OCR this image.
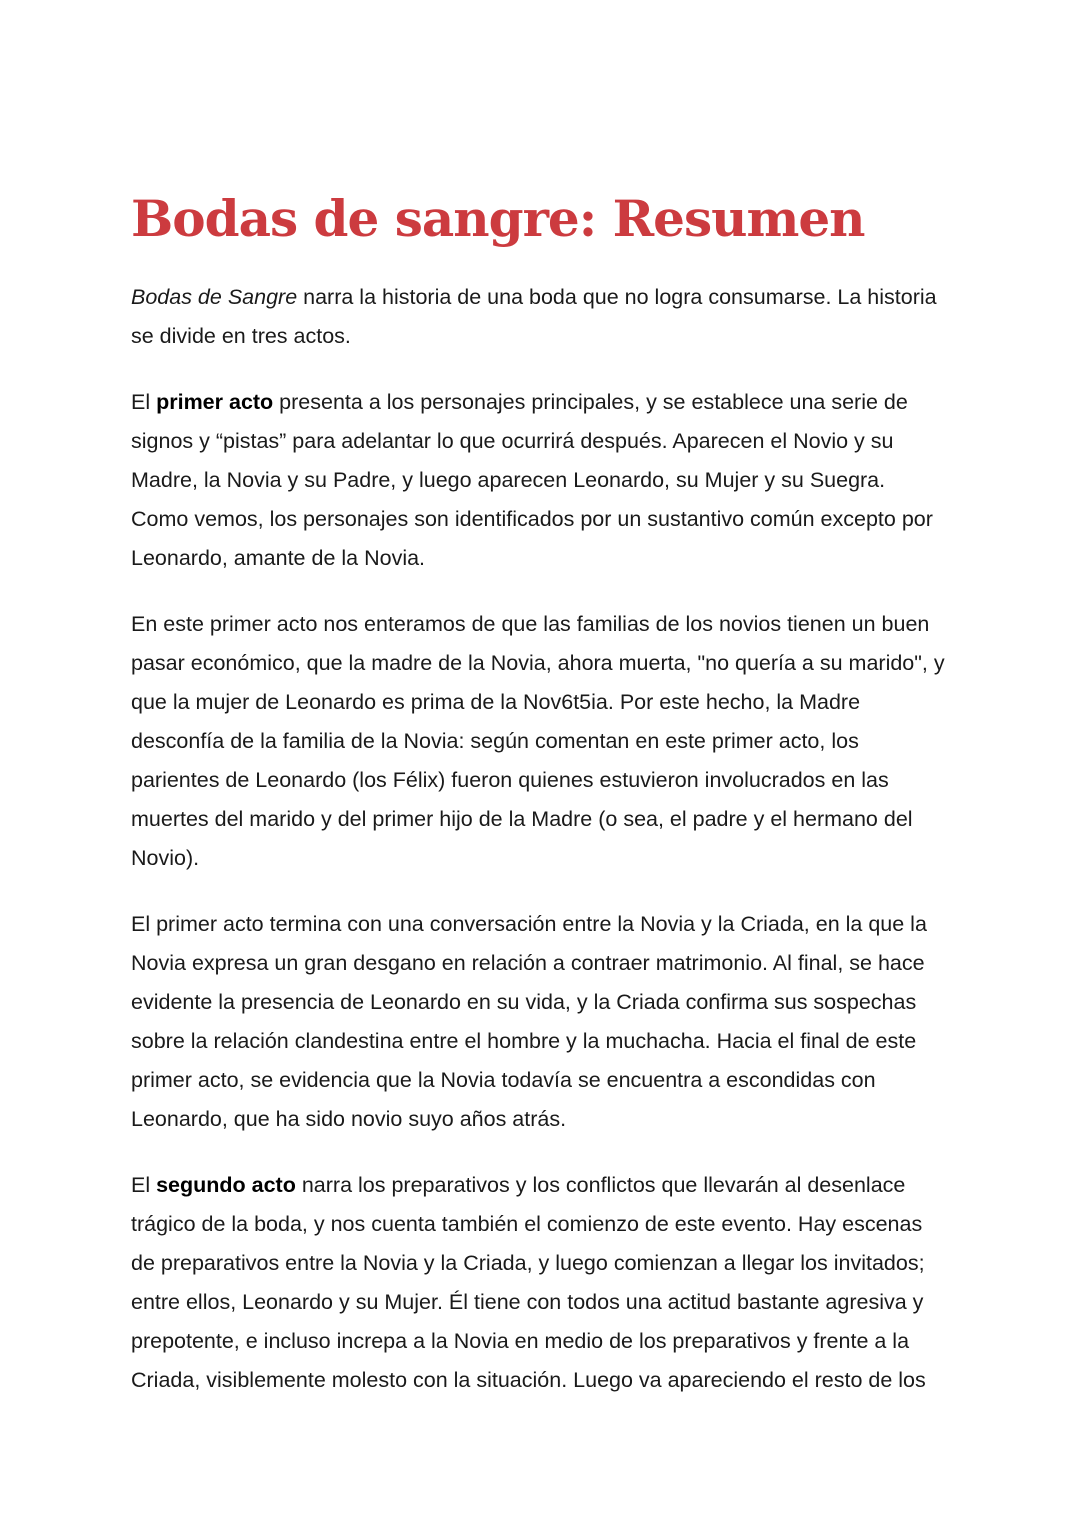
Bodas de sangre: Resumen

Bodas de Sangre narra la historia de una boda que no logra consumarse. La historia se divide en tres actos.

El primer acto presenta a los personajes principales, y se establece una serie de signos y “pistas” para adelantar lo que ocurrirá después. Aparecen el Novio y su Madre, la Novia y su Padre, y luego aparecen Leonardo, su Mujer y su Suegra. Como vemos, los personajes son identificados por un sustantivo común excepto por Leonardo, amante de la Novia.

En este primer acto nos enteramos de que las familias de los novios tienen un buen pasar económico, que la madre de la Novia, ahora muerta, "no quería a su marido", y que la mujer de Leonardo es prima de la Nov6t5ia. Por este hecho, la Madre desconfía de la familia de la Novia: según comentan en este primer acto, los parientes de Leonardo (los Félix) fueron quienes estuvieron involucrados en las muertes del marido y del primer hijo de la Madre (o sea, el padre y el hermano del Novio).

El primer acto termina con una conversación entre la Novia y la Criada, en la que la Novia expresa un gran desgano en relación a contraer matrimonio. Al final, se hace evidente la presencia de Leonardo en su vida, y la Criada confirma sus sospechas sobre la relación clandestina entre el hombre y la muchacha. Hacia el final de este primer acto, se evidencia que la Novia todavía se encuentra a escondidas con Leonardo, que ha sido novio suyo años atrás.

El segundo acto narra los preparativos y los conflictos que llevarán al desenlace trágico de la boda, y nos cuenta también el comienzo de este evento. Hay escenas de preparativos entre la Novia y la Criada, y luego comienzan a llegar los invitados; entre ellos, Leonardo y su Mujer. Él tiene con todos una actitud bastante agresiva y prepotente, e incluso increpa a la Novia en medio de los preparativos y frente a la Criada, visiblemente molesto con la situación. Luego va apareciendo el resto de los
